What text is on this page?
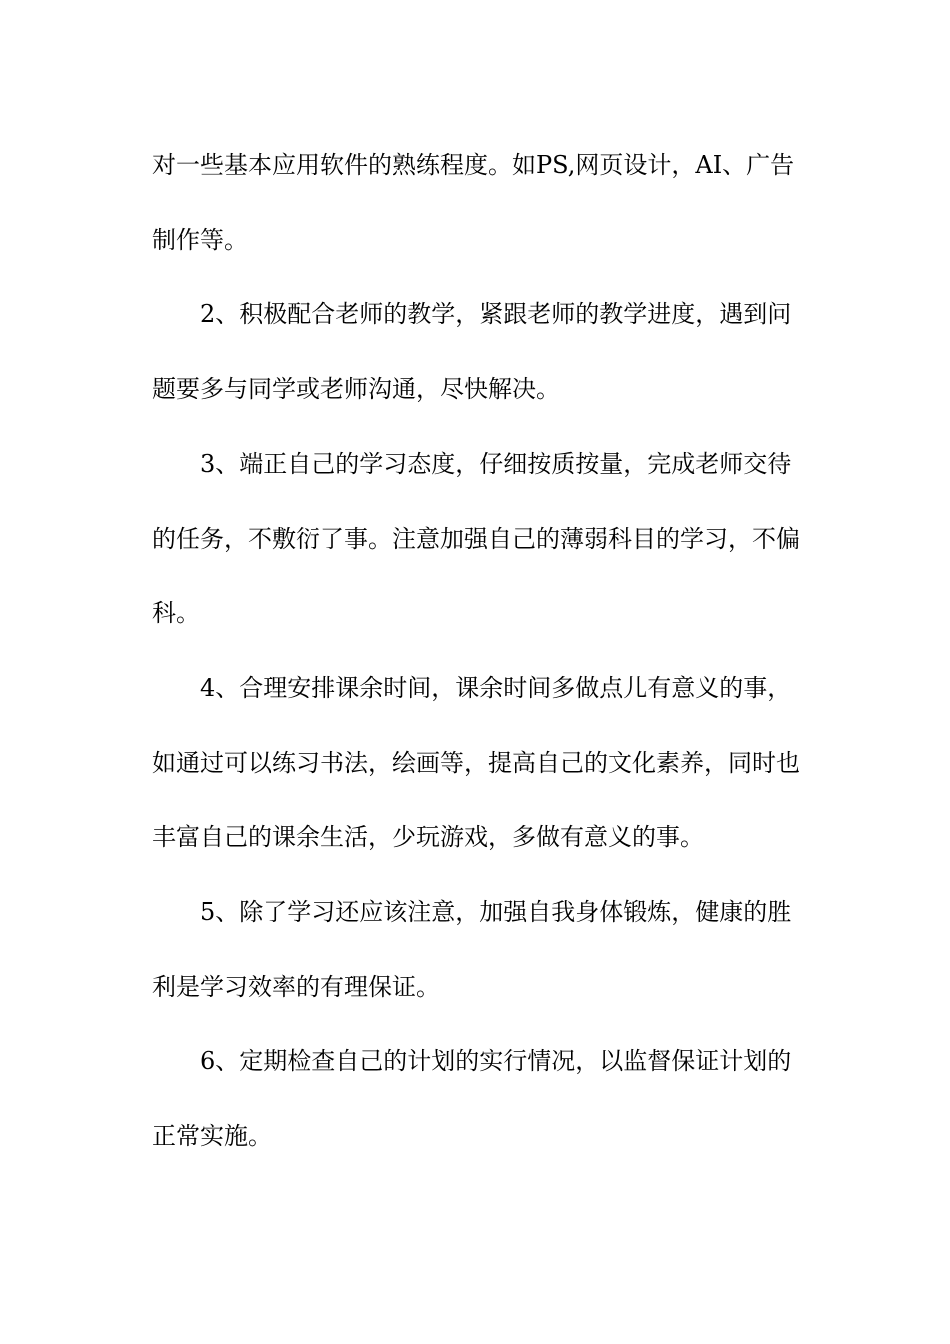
对一些基本应用软件的熟练程度。如PS,网页设计，AI、广告制作等。

2、积极配合老师的教学，紧跟老师的教学进度，遇到问题要多与同学或老师沟通，尽快解决。

3、端正自己的学习态度，仔细按质按量，完成老师交待的任务，不敷衍了事。注意加强自己的薄弱科目的学习，不偏科。

4、合理安排课余时间，课余时间多做点儿有意义的事，如通过可以练习书法，绘画等，提高自己的文化素养，同时也丰富自己的课余生活，少玩游戏，多做有意义的事。

5、除了学习还应该注意，加强自我身体锻炼，健康的胜利是学习效率的有理保证。

6、定期检查自己的计划的实行情况，以监督保证计划的正常实施。
